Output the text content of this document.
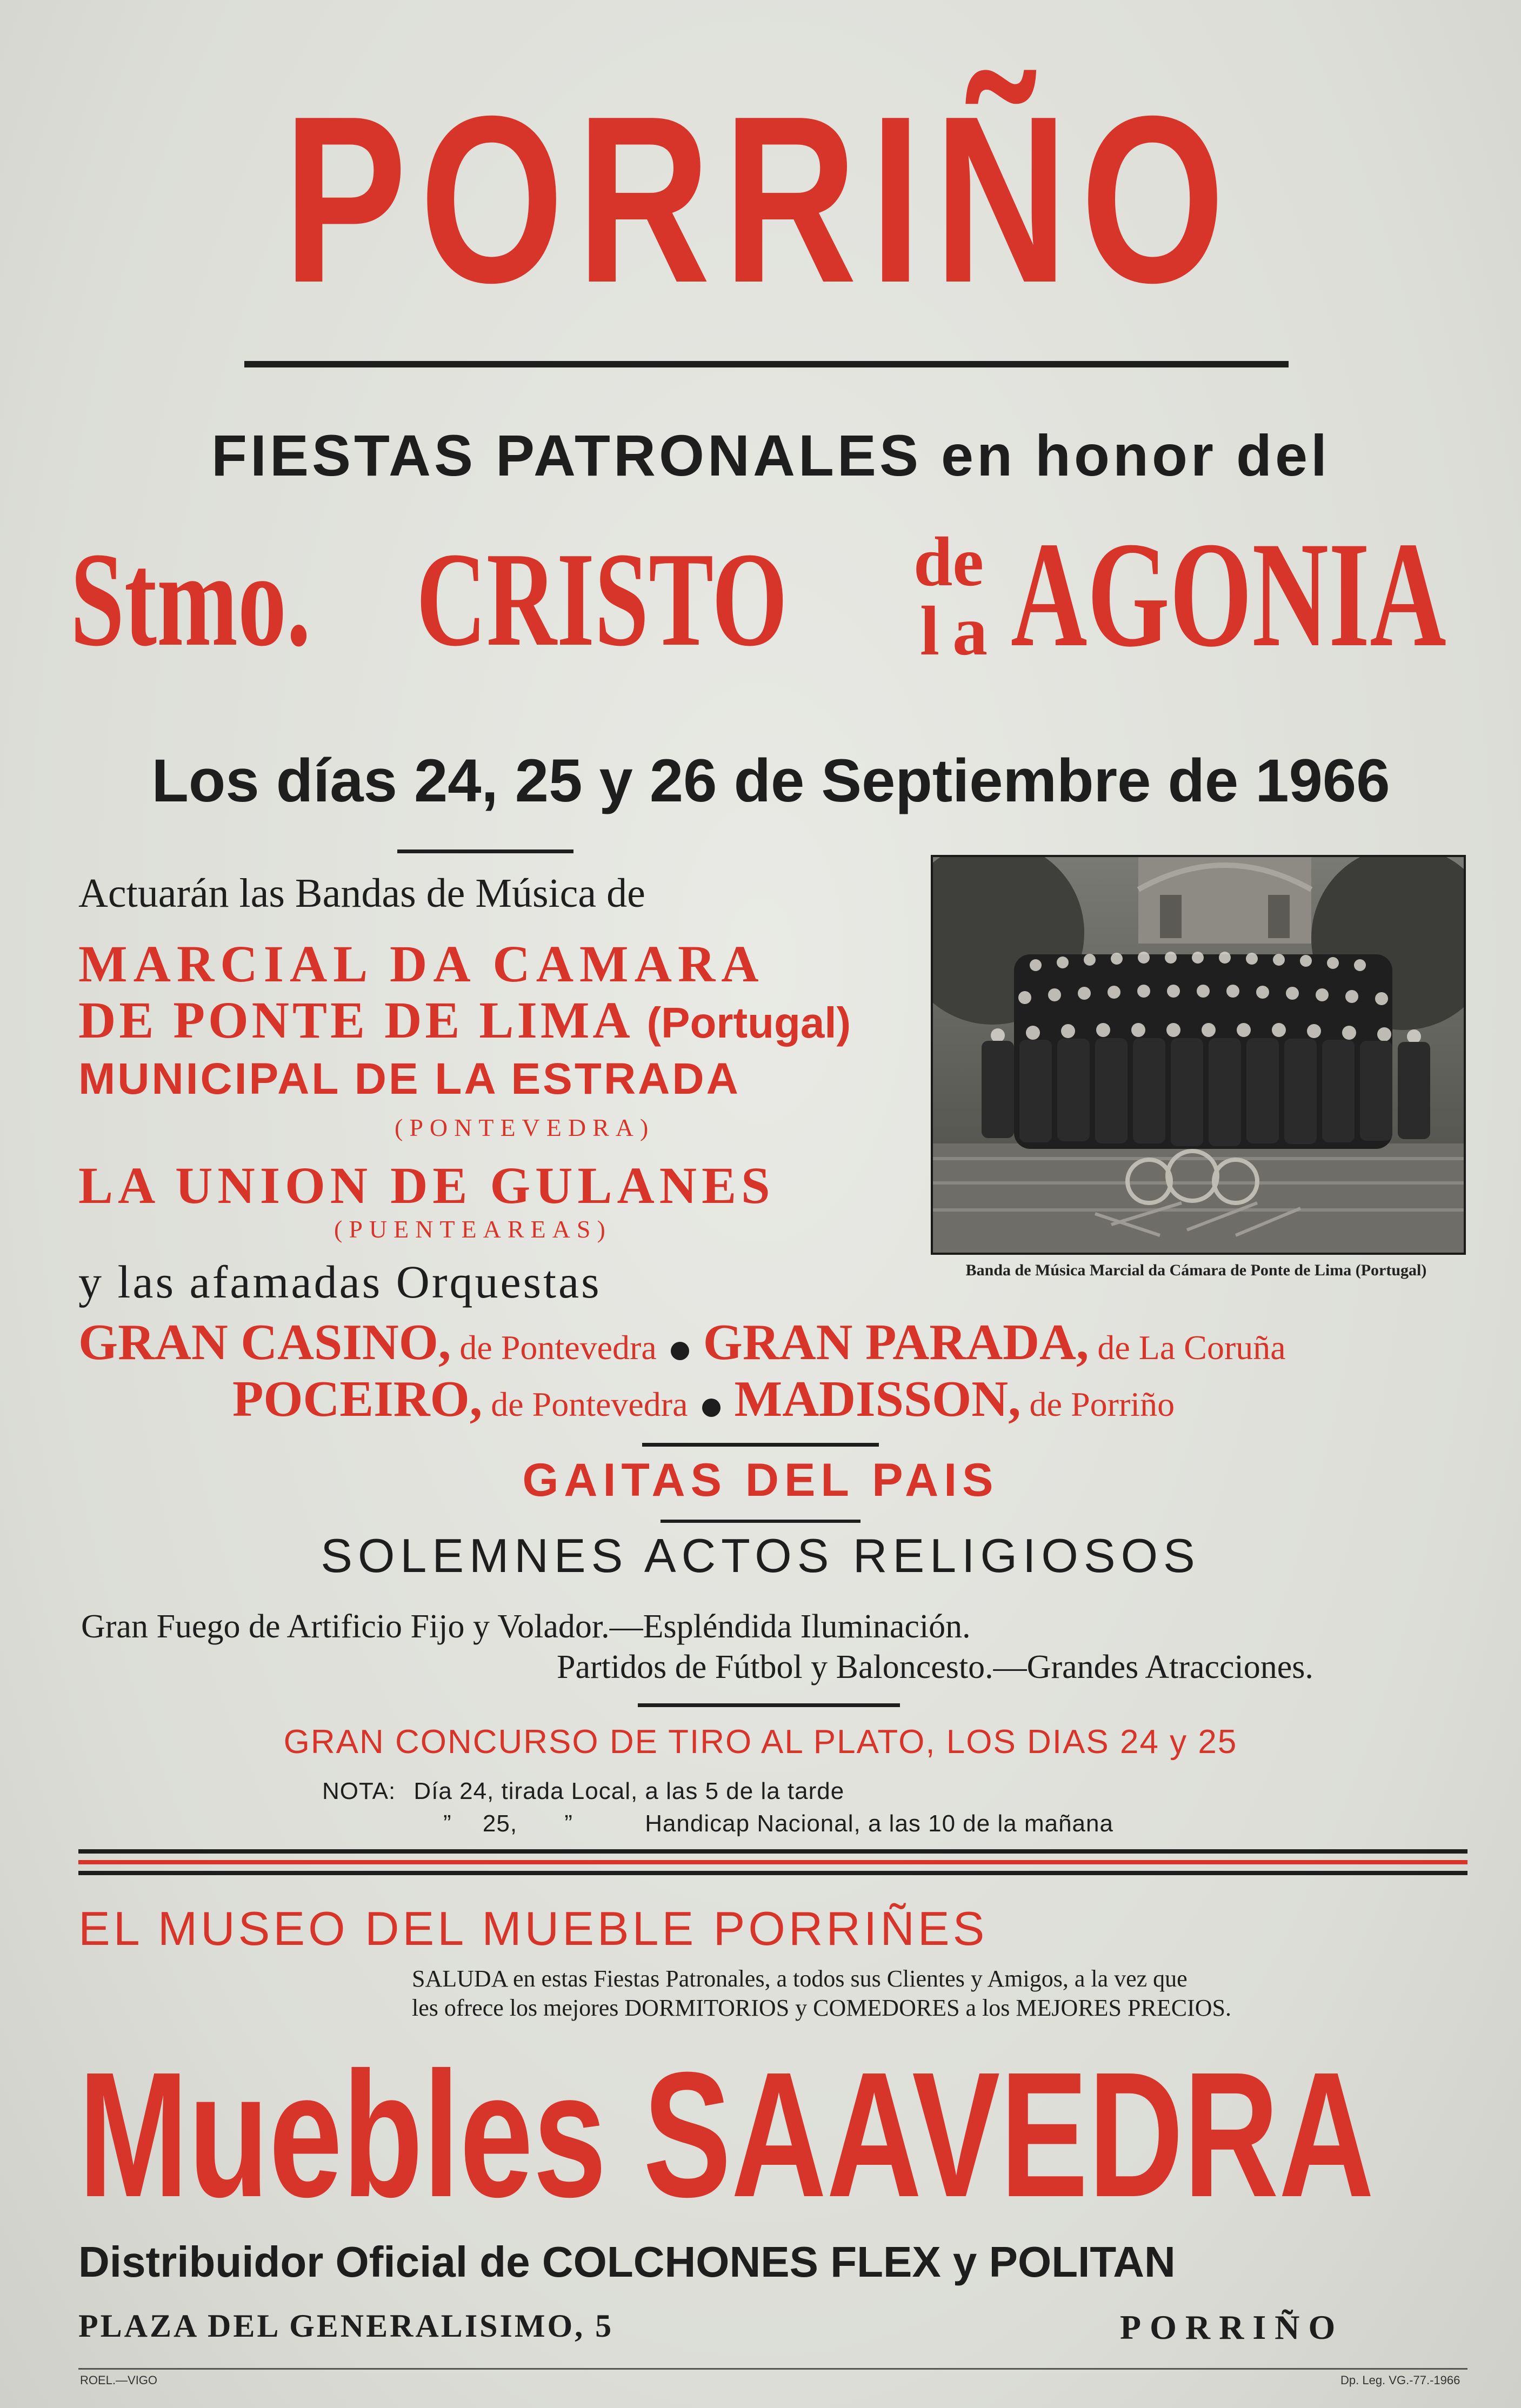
PORRIÑO
FIESTAS PATRONALES en honor del
Stmo. CRISTO de
la AGONIA
Los días 24, 25 y 26 de Septiembre de 1966
Actuarán las Bandas de Música de
MARCIAL DA CAMARA
DE PONTE DE LIMA (Portugal)
MUNICIPAL DE LA ESTRADA
(PONTEVEDRA)
LA UNION DE GULANES
(PUENTEAREAS)
Banda de Música Marcial da Cámara de Ponte de Lima (Portugal)
y las afamadas Orquestas
GRAN CASINO, de Pontevedra GRAN PARADA, de La Coruña
POCEIRO, de Pontevedra MADISSON, de Porriño
GAITAS DEL PAIS
SOLEMNES ACTOS RELIGIOSOS
Gran Fuego de Artificio Fijo y Volador.—Espléndida Iluminación.
Partidos de Fútbol y Baloncesto.—Grandes Atracciones.
GRAN CONCURSO DE TIRO AL PLATO, LOS DIAS 24 y 25
NOTA: Día 24, tirada Local, a las 5 de la tarde
” 25, ”	Handicap Nacional, a las 10 de la mañana
EL MUSEO DEL MUEBLE PORRIÑES
SALUDA en estas Fiestas Patronales, a todos sus Clientes y Amigos, a la vez que
les ofrece los mejores DORMITORIOS y COMEDORES a los MEJORES PRECIOS.
Muebles SAAVEDRA
Distribuidor Oficial de COLCHONES FLEX y POLITAN
PLAZA DEL GENERALISIMO, 5	PORRIÑO
ROEL.—VIGO	Dp. Leg. VG.-77.-1966
